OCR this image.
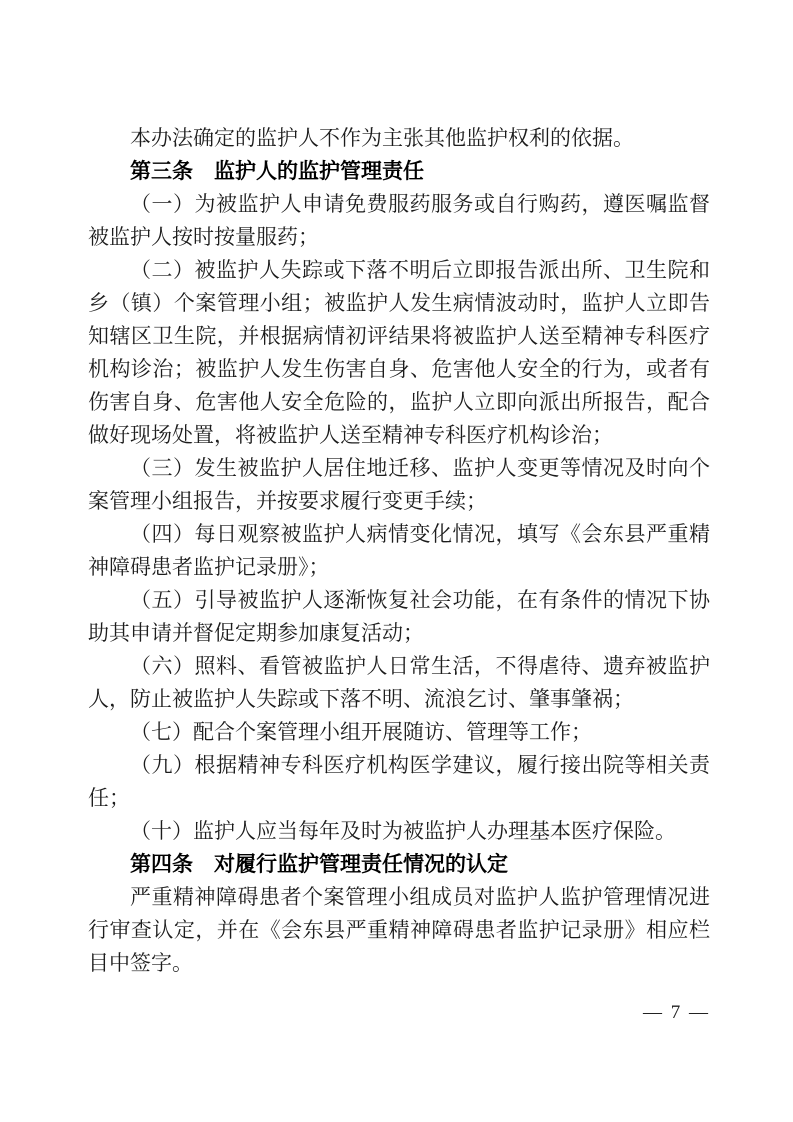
本办法确定的监护人不作为主张其他监护权利的依据。

第三条　监护人的监护管理责任

（一）为被监护人申请免费服药服务或自行购药，遵医嘱监督被监护人按时按量服药；

（二）被监护人失踪或下落不明后立即报告派出所、卫生院和乡（镇）个案管理小组；被监护人发生病情波动时，监护人立即告知辖区卫生院，并根据病情初评结果将被监护人送至精神专科医疗机构诊治；被监护人发生伤害自身、危害他人安全的行为，或者有伤害自身、危害他人安全危险的，监护人立即向派出所报告，配合做好现场处置，将被监护人送至精神专科医疗机构诊治；

（三）发生被监护人居住地迁移、监护人变更等情况及时向个案管理小组报告，并按要求履行变更手续；

（四）每日观察被监护人病情变化情况，填写《会东县严重精神障碍患者监护记录册》；

（五）引导被监护人逐渐恢复社会功能，在有条件的情况下协助其申请并督促定期参加康复活动；

（六）照料、看管被监护人日常生活，不得虐待、遗弃被监护人，防止被监护人失踪或下落不明、流浪乞讨、肇事肇祸；

（七）配合个案管理小组开展随访、管理等工作；

（九）根据精神专科医疗机构医学建议，履行接出院等相关责任；

（十）监护人应当每年及时为被监护人办理基本医疗保险。

第四条　对履行监护管理责任情况的认定

严重精神障碍患者个案管理小组成员对监护人监护管理情况进行审查认定，并在《会东县严重精神障碍患者监护记录册》相应栏目中签字。

— 7 —
